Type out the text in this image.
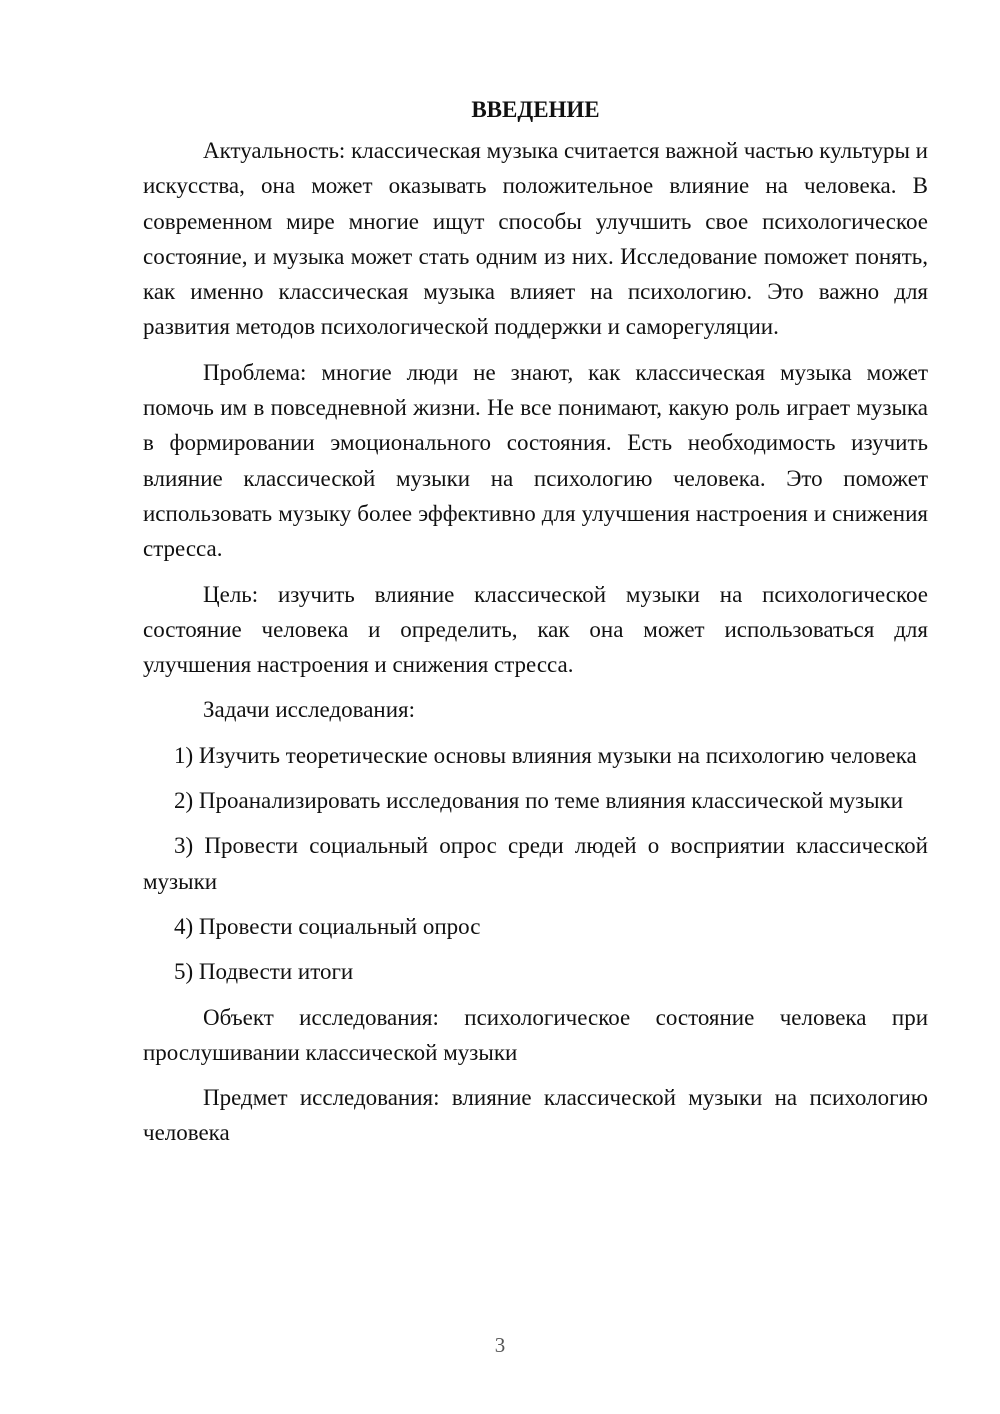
ВВЕДЕНИЕ

Актуальность: классическая музыка считается важной частью культуры и искусства, она может оказывать положительное влияние на человека. В современном мире многие ищут способы улучшить свое психологическое состояние, и музыка может стать одним из них. Исследование поможет понять, как именно классическая музыка влияет на психологию. Это важно для развития методов психологической поддержки и саморегуляции.

Проблема: многие люди не знают, как классическая музыка может помочь им в повседневной жизни. Не все понимают, какую роль играет музыка в формировании эмоционального состояния. Есть необходимость изучить влияние классической музыки на психологию человека. Это поможет использовать музыку более эффективно для улучшения настроения и снижения стресса.

Цель: изучить влияние классической музыки на психологическое состояние человека и определить, как она может использоваться для улучшения настроения и снижения стресса.

Задачи исследования:

1) Изучить теоретические основы влияния музыки на психологию человека

2) Проанализировать исследования по теме влияния классической музыки

3) Провести социальный опрос среди людей о восприятии классической музыки

4) Провести социальный опрос

5) Подвести итоги

Объект исследования: психологическое состояние человека при прослушивании классической музыки

Предмет исследования: влияние классической музыки на психологию человека

3
